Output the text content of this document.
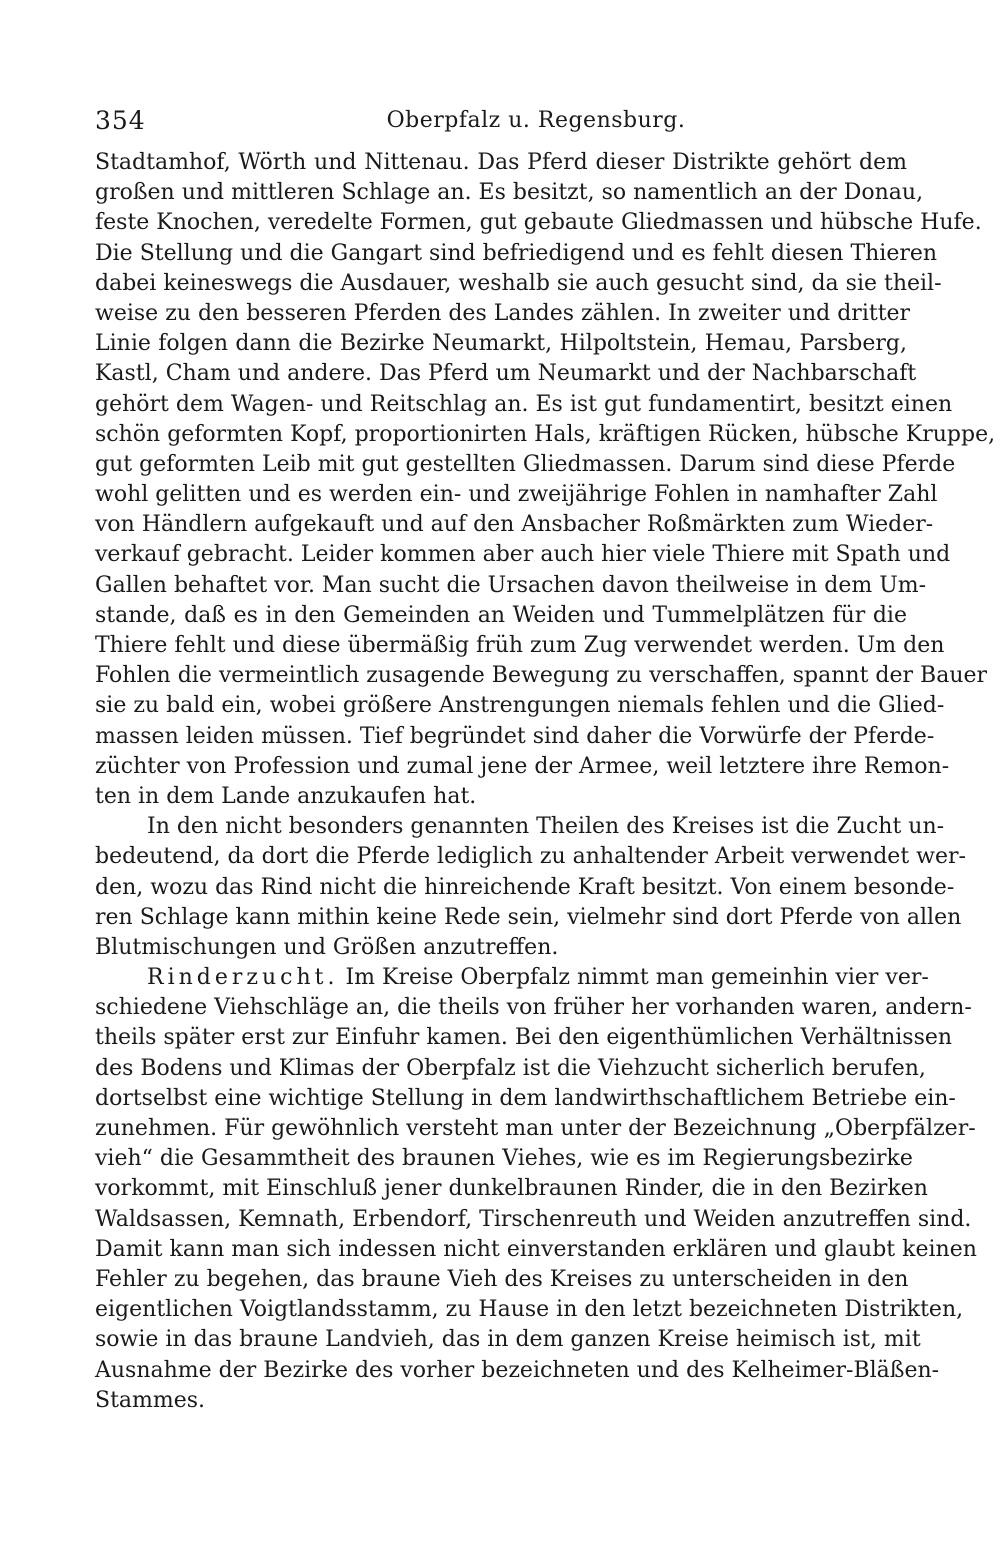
354	Oberpfalz u. Regensburg.
Stadtamhof, Wörth und Nittenau. Das Pferd dieser Distrikte gehört dem
großen und mittleren Schlage an. Es besitzt, so namentlich an der Donau,
feste Knochen, veredelte Formen, gut gebaute Gliedmassen und hübsche Hufe.
Die Stellung und die Gangart sind befriedigend und es fehlt diesen Thieren
dabei keineswegs die Ausdauer, weshalb sie auch gesucht sind, da sie theil-
weise zu den besseren Pferden des Landes zählen. In zweiter und dritter
Linie folgen dann die Bezirke Neumarkt, Hilpoltstein, Hemau, Parsberg,
Kastl, Cham und andere. Das Pferd um Neumarkt und der Nachbarschaft
gehört dem Wagen- und Reitschlag an. Es ist gut fundamentirt, besitzt einen
schön geformten Kopf, proportionirten Hals, kräftigen Rücken, hübsche Kruppe,
gut geformten Leib mit gut gestellten Gliedmassen. Darum sind diese Pferde
wohl gelitten und es werden ein- und zweijährige Fohlen in namhafter Zahl
von Händlern aufgekauft und auf den Ansbacher Roßmärkten zum Wieder-
verkauf gebracht. Leider kommen aber auch hier viele Thiere mit Spath und
Gallen behaftet vor. Man sucht die Ursachen davon theilweise in dem Um-
stande, daß es in den Gemeinden an Weiden und Tummelplätzen für die
Thiere fehlt und diese übermäßig früh zum Zug verwendet werden. Um den
Fohlen die vermeintlich zusagende Bewegung zu verschaffen, spannt der Bauer
sie zu bald ein, wobei größere Anstrengungen niemals fehlen und die Glied-
massen leiden müssen. Tief begründet sind daher die Vorwürfe der Pferde-
züchter von Profession und zumal jene der Armee, weil letztere ihre Remon-
ten in dem Lande anzukaufen hat.
In den nicht besonders genannten Theilen des Kreises ist die Zucht un-
bedeutend, da dort die Pferde lediglich zu anhaltender Arbeit verwendet wer-
den, wozu das Rind nicht die hinreichende Kraft besitzt. Von einem besonde-
ren Schlage kann mithin keine Rede sein, vielmehr sind dort Pferde von allen
Blutmischungen und Größen anzutreffen.
Rinderzucht. Im Kreise Oberpfalz nimmt man gemeinhin vier ver-
schiedene Viehschläge an, die theils von früher her vorhanden waren, andern-
theils später erst zur Einfuhr kamen. Bei den eigenthümlichen Verhältnissen
des Bodens und Klimas der Oberpfalz ist die Viehzucht sicherlich berufen,
dortselbst eine wichtige Stellung in dem landwirthschaftlichem Betriebe ein-
zunehmen. Für gewöhnlich versteht man unter der Bezeichnung „Oberpfälzer-
vieh“ die Gesammtheit des braunen Viehes, wie es im Regierungsbezirke
vorkommt, mit Einschluß jener dunkelbraunen Rinder, die in den Bezirken
Waldsassen, Kemnath, Erbendorf, Tirschenreuth und Weiden anzutreffen sind.
Damit kann man sich indessen nicht einverstanden erklären und glaubt keinen
Fehler zu begehen, das braune Vieh des Kreises zu unterscheiden in den
eigentlichen Voigtlandsstamm, zu Hause in den letzt bezeichneten Distrikten,
sowie in das braune Landvieh, das in dem ganzen Kreise heimisch ist, mit
Ausnahme der Bezirke des vorher bezeichneten und des Kelheimer-Bläßen-
Stammes.
